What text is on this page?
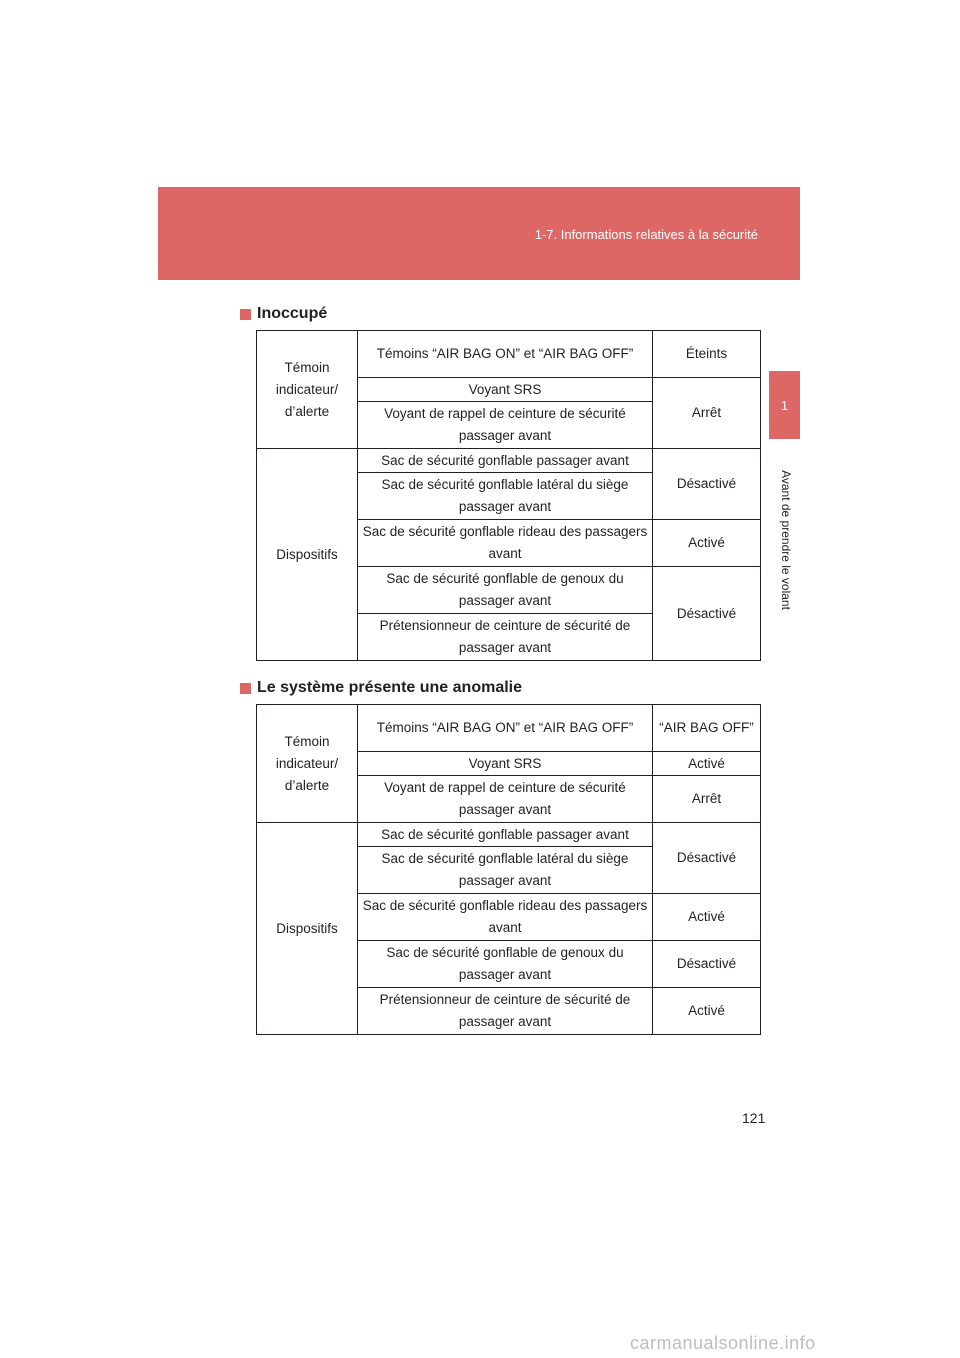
1-7. Informations relatives à la sécurité
1
Avant de prendre le volant
Inoccupé
Témoin indicateur/ d’alerte	Témoins “AIR BAG ON” et “AIR BAG OFF”	Éteints
	Voyant SRS	Arrêt
	Voyant de rappel de ceinture de sécurité passager avant	
Dispositifs	Sac de sécurité gonflable passager avant	Désactivé
	Sac de sécurité gonflable latéral du siège passager avant	
	Sac de sécurité gonflable rideau des passagers avant	Activé
	Sac de sécurité gonflable de genoux du passager avant	Désactivé
	Prétensionneur de ceinture de sécurité de passager avant	
Le système présente une anomalie
Témoin indicateur/ d’alerte	Témoins “AIR BAG ON” et “AIR BAG OFF”	“AIR BAG OFF”
	Voyant SRS	Activé
	Voyant de rappel de ceinture de sécurité passager avant	Arrêt
Dispositifs	Sac de sécurité gonflable passager avant	Désactivé
	Sac de sécurité gonflable latéral du siège passager avant	
	Sac de sécurité gonflable rideau des passagers avant	Activé
	Sac de sécurité gonflable de genoux du passager avant	Désactivé
	Prétensionneur de ceinture de sécurité de passager avant	Activé
121
carmanualsonline.info
